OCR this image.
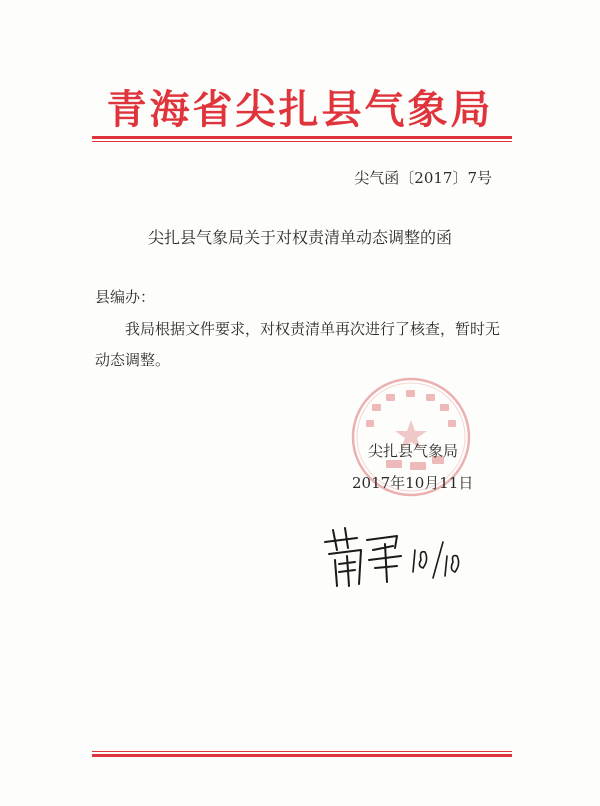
青海省尖扎县气象局
尖气函〔2017〕7号
尖扎县气象局关于对权责清单动态调整的函
县编办：
我局根据文件要求，对权责清单再次进行了核查，暂时无动态调整。
尖扎县气象局
2017年10月11日
